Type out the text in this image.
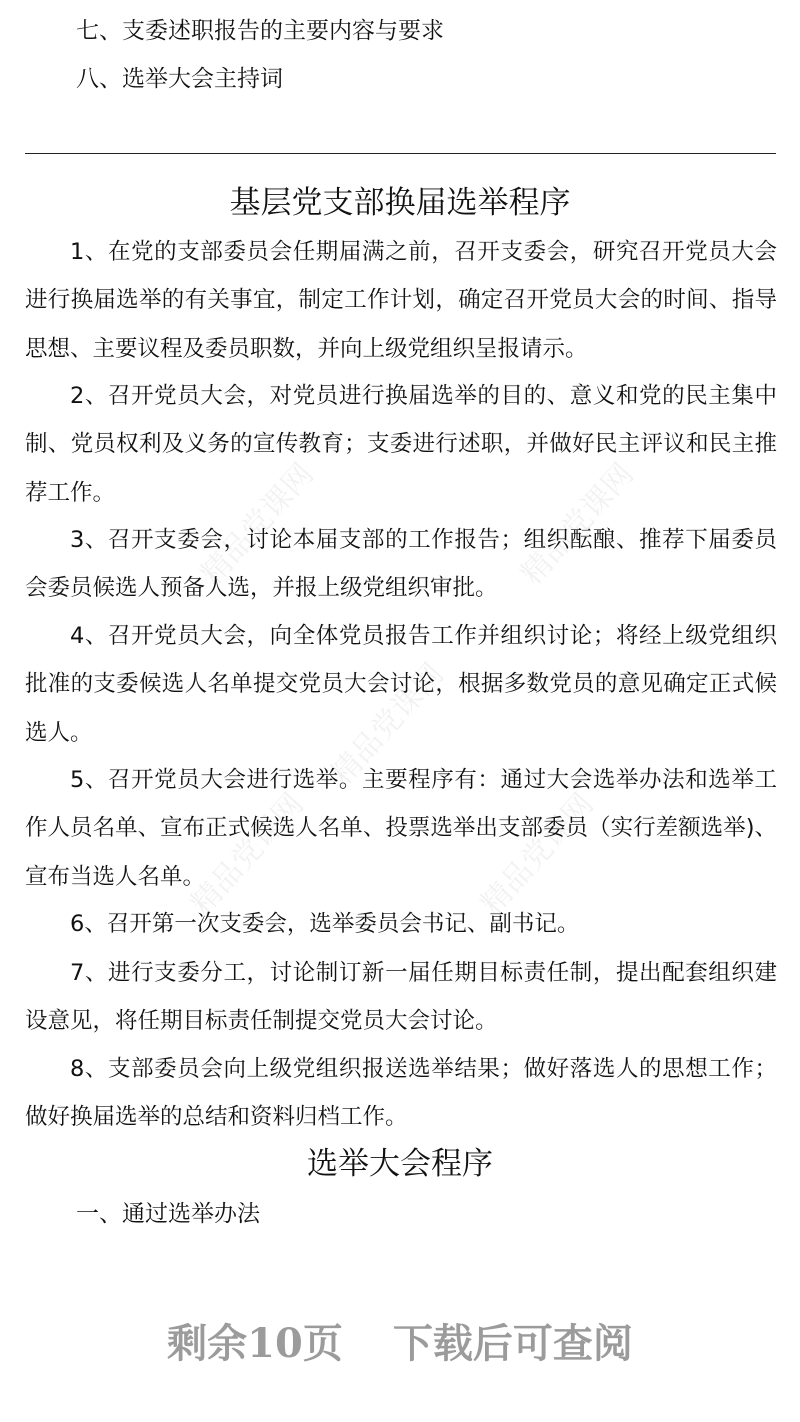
精品党课网	精品党课网
精品党课网
精品党课网	精品党课网
七、支委述职报告的主要内容与要求
八、选举大会主持词
基层党支部换届选举程序

1、在党的支部委员会任期届满之前，召开支委会，研究召开党员大会进行换届选举的有关事宜，制定工作计划，确定召开党员大会的时间、指导思想、主要议程及委员职数，并向上级党组织呈报请示。

2、召开党员大会，对党员进行换届选举的目的、意义和党的民主集中制、党员权利及义务的宣传教育；支委进行述职，并做好民主评议和民主推荐工作。

3、召开支委会，讨论本届支部的工作报告；组织酝酿、推荐下届委员会委员候选人预备人选，并报上级党组织审批。

4、召开党员大会，向全体党员报告工作并组织讨论；将经上级党组织批准的支委候选人名单提交党员大会讨论，根据多数党员的意见确定正式候选人。

5、召开党员大会进行选举。主要程序有：通过大会选举办法和选举工作人员名单、宣布正式候选人名单、投票选举出支部委员（实行差额选举)、宣布当选人名单。

6、召开第一次支委会，选举委员会书记、副书记。

7、进行支委分工，讨论制订新一届任期目标责任制，提出配套组织建设意见，将任期目标责任制提交党员大会讨论。

8、支部委员会向上级党组织报送选举结果；做好落选人的思想工作；做好换届选举的总结和资料归档工作。

选举大会程序
一、通过选举办法
剩余10页 下载后可查阅
